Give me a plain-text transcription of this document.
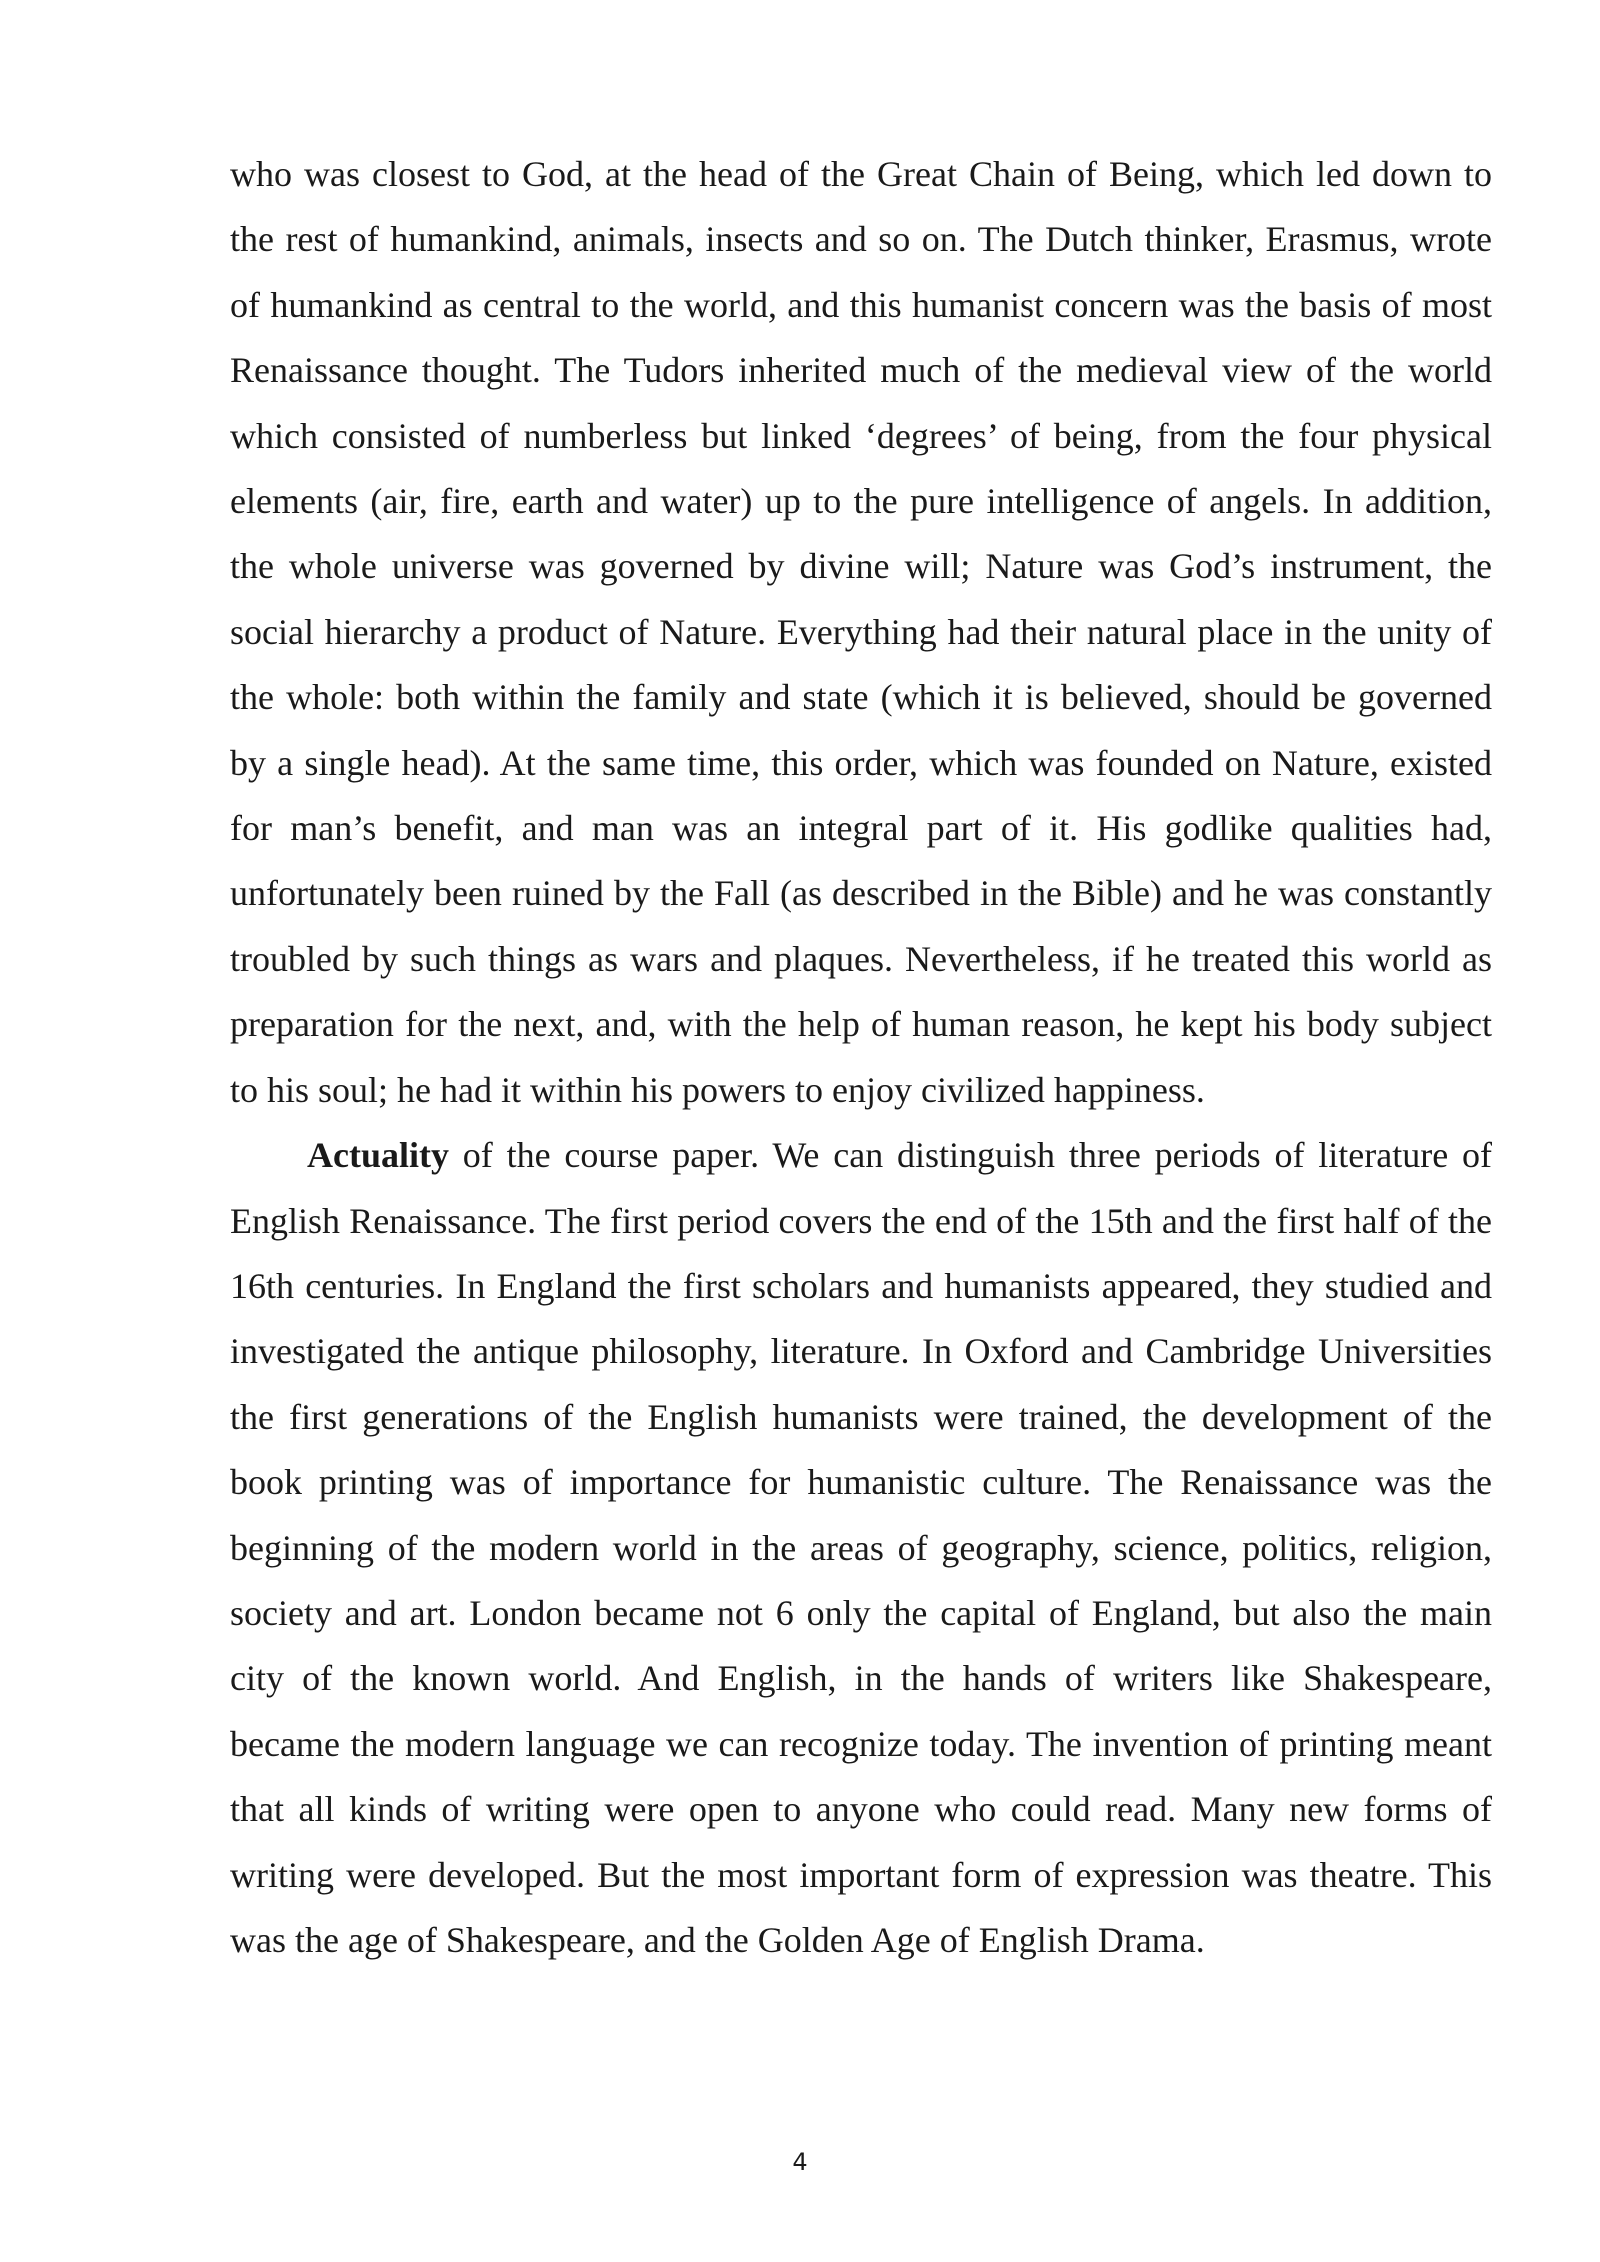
who was closest to God, at the head of the Great Chain of Being, which led down to the rest of humankind, animals, insects and so on. The Dutch thinker, Erasmus, wrote of humankind as central to the world, and this humanist concern was the basis of most Renaissance thought. The Tudors inherited much of the medieval view of the world which consisted of numberless but linked ‘degrees’ of being, from the four physical elements (air, fire, earth and water) up to the pure intelligence of angels. In addition, the whole universe was governed by divine will; Nature was God’s instrument, the social hierarchy a product of Nature. Everything had their natural place in the unity of the whole: both within the family and state (which it is believed, should be governed by a single head). At the same time, this order, which was founded on Nature, existed for man’s benefit, and man was an integral part of it. His godlike qualities had, unfortunately been ruined by the Fall (as described in the Bible) and he was constantly troubled by such things as wars and plaques. Nevertheless, if he treated this world as preparation for the next, and, with the help of human reason, he kept his body subject to his soul; he had it within his powers to enjoy civilized happiness.

Actuality of the course paper. We can distinguish three periods of literature of English Renaissance. The first period covers the end of the 15th and the first half of the 16th centuries. In England the first scholars and humanists appeared, they studied and investigated the antique philosophy, literature. In Oxford and Cambridge Universities the first generations of the English humanists were trained, the development of the book printing was of importance for humanistic culture. The Renaissance was the beginning of the modern world in the areas of geography, science, politics, religion, society and art. London became not 6 only the capital of England, but also the main city of the known world. And English, in the hands of writers like Shakespeare, became the modern language we can recognize today. The invention of printing meant that all kinds of writing were open to anyone who could read. Many new forms of writing were developed. But the most important form of expression was theatre. This was the age of Shakespeare, and the Golden Age of English Drama.

4
